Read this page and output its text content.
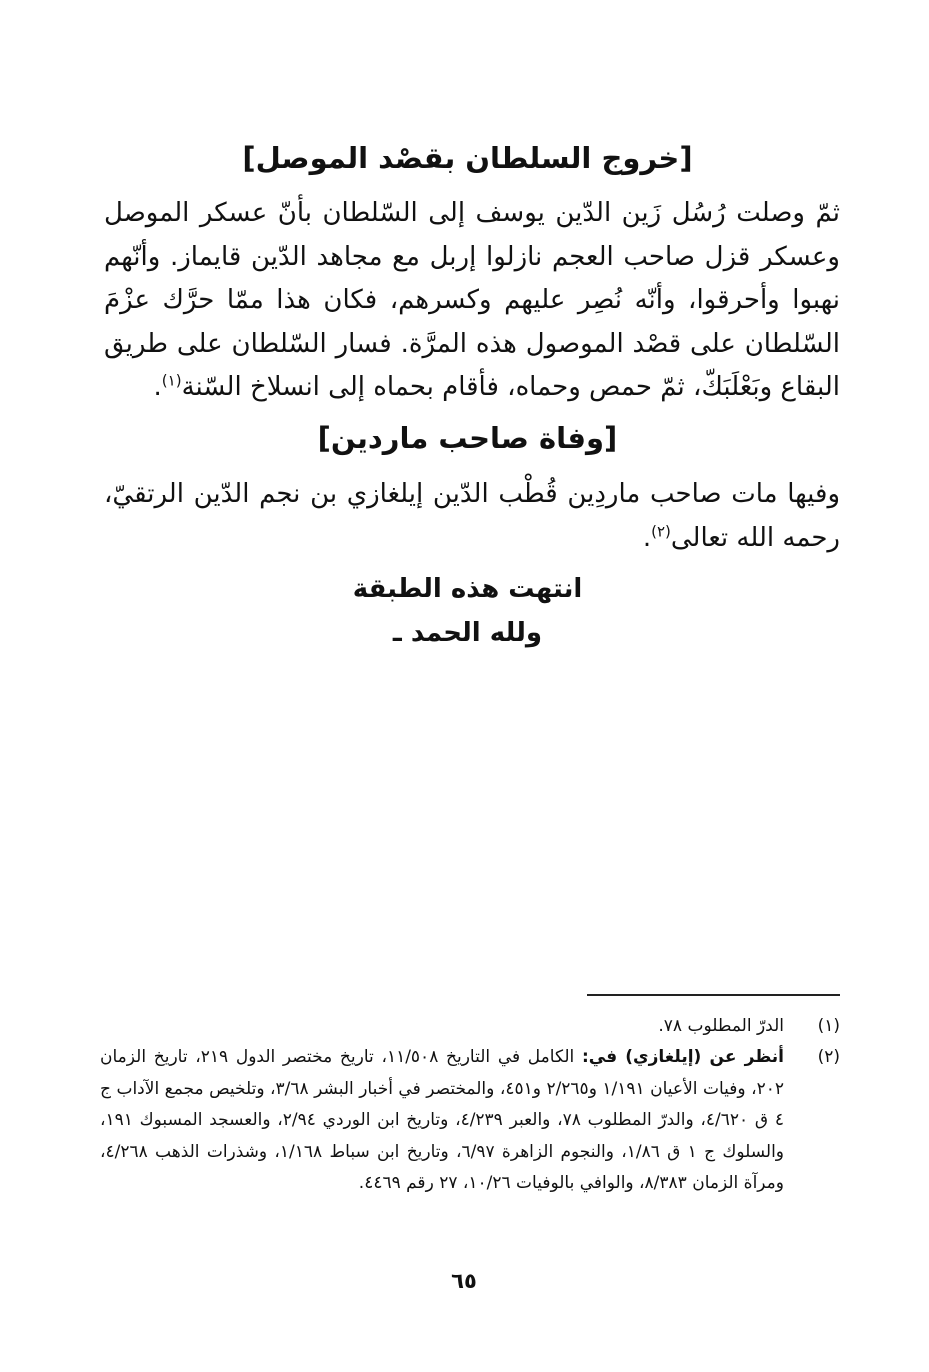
[خروج السلطان بقصْد الموصل]

ثمّ وصلت رُسُل زَين الدّين يوسف إلى السّلطان بأنّ عسكر الموصل وعسكر قزل صاحب العجم نازلوا إربل مع مجاهد الدّين قايماز. وأنّهم نهبوا وأحرقوا، وأنّه نُصِر عليهم وكسرهم، فكان هذا ممّا حرَّك عزْمَ السّلطان على قصْد الموصول هذه المرَّة. فسار السّلطان على طريق البقاع وبَعْلَبَكّ، ثمّ حمص وحماه، فأقام بحماه إلى انسلاخ السّنة$^{(١)}$.

[وفاة صاحب ماردين]

وفيها مات صاحب ماردِين قُطْب الدّين إيلغازي بن نجم الدّين الرتقيّ، رحمه الله تعالى$^{(٢)}$.

انتهت هذه الطبقة
ولله الحمد ـ
(١)
الدرّ المطلوب ٧٨.
(٢)
أنظر عن (إيلغازي) في: الكامل في التاريخ ١١/٥٠٨، تاريخ مختصر الدول ٢١٩، تاريخ الزمان ٢٠٢، وفيات الأعيان ١/١٩١ و٢/٢٦٥ و٤٥١، والمختصر في أخبار البشر ٣/٦٨، وتلخيص مجمع الآداب ج ٤ ق ٤/٦٢٠، والدرّ المطلوب ٧٨، والعبر ٤/٢٣٩، وتاريخ ابن الوردي ٢/٩٤، والعسجد المسبوك ١٩١، والسلوك ج ١ ق ١/٨٦، والنجوم الزاهرة ٦/٩٧، وتاريخ ابن سباط ١/١٦٨، وشذرات الذهب ٤/٢٦٨، ومرآة الزمان ٨/٣٨٣، والوافي بالوفيات ١٠/٢٦، ٢٧ رقم ٤٤٦٩.
٦٥
